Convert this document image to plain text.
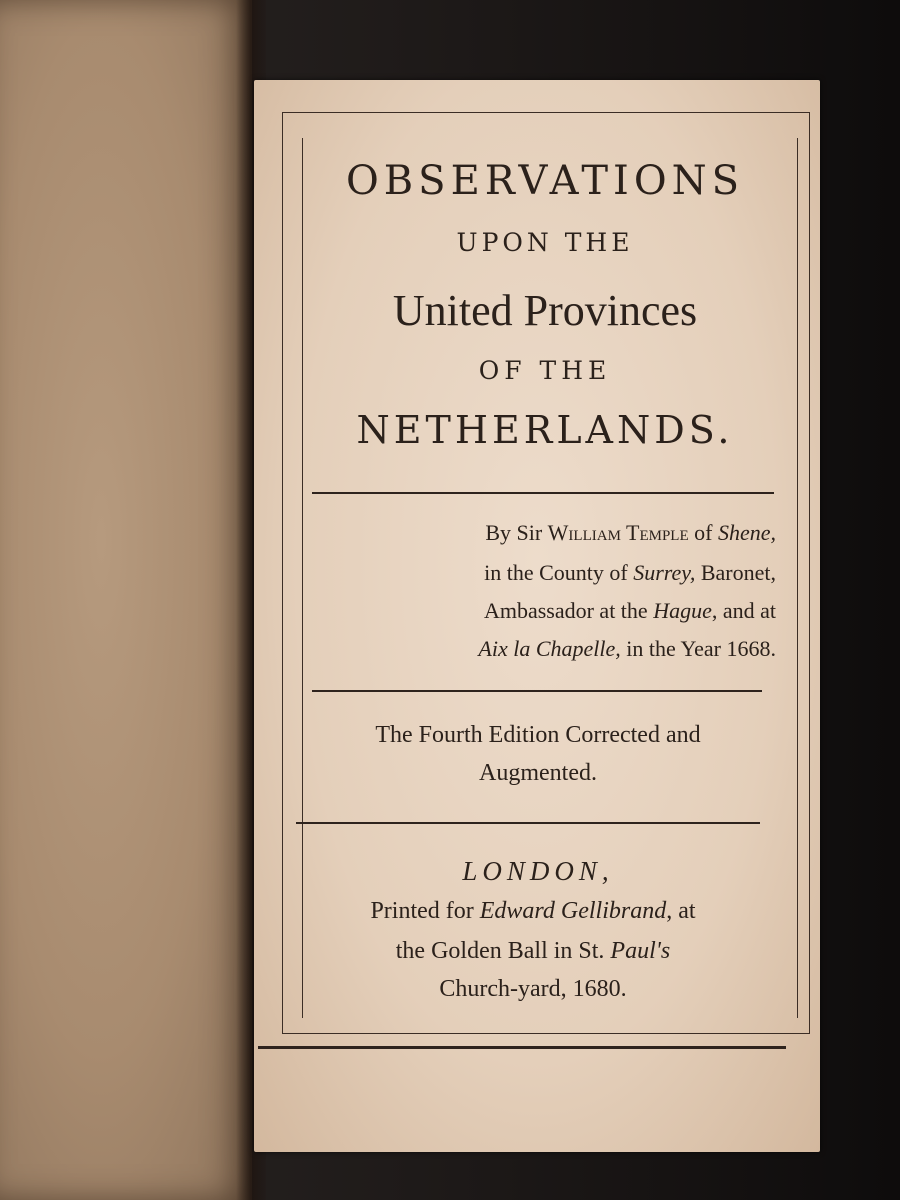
OBSERVATIONS
UPON THE
United Provinces
OF THE
NETHERLANDS.
By Sir William Temple of Shene,
in the County of Surrey, Baronet,
Ambassador at the Hague, and at
Aix la Chapelle, in the Year 1668.
The Fourth Edition Corrected and
Augmented.
LONDON,
Printed for Edward Gellibrand, at
the Golden Ball in St. Paul's
Church-yard, 1680.
